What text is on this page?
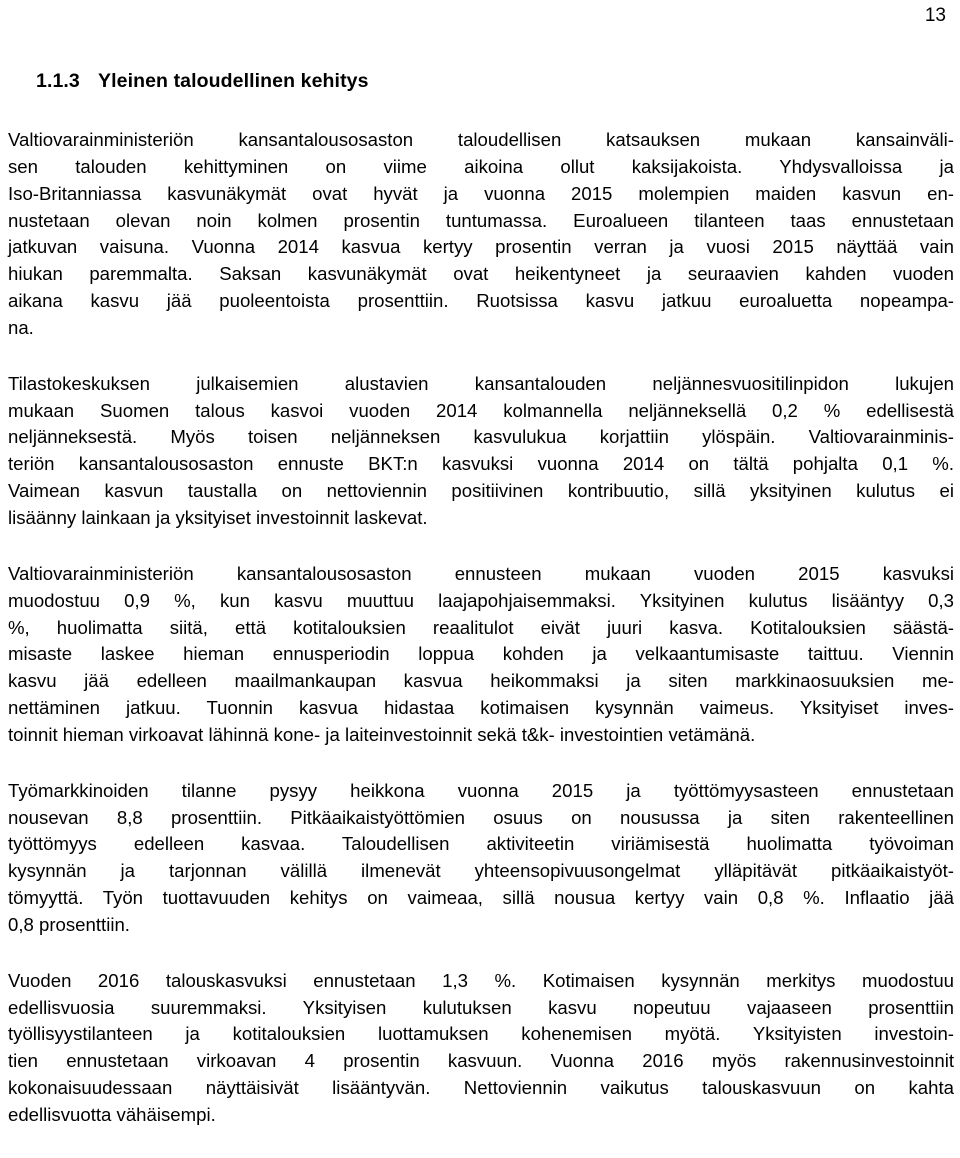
13
1.1.3 Yleinen taloudellinen kehitys
Valtiovarainministeriön kansantalousosaston taloudellisen katsauksen mukaan kansainväli-
sen talouden kehittyminen on viime aikoina ollut kaksijakoista. Yhdysvalloissa ja
Iso-Britanniassa kasvunäkymät ovat hyvät ja vuonna 2015 molempien maiden kasvun en-
nustetaan olevan noin kolmen prosentin tuntumassa. Euroalueen tilanteen taas ennustetaan
jatkuvan vaisuna. Vuonna 2014 kasvua kertyy prosentin verran ja vuosi 2015 näyttää vain
hiukan paremmalta. Saksan kasvunäkymät ovat heikentyneet ja seuraavien kahden vuoden
aikana kasvu jää puoleentoista prosenttiin. Ruotsissa kasvu jatkuu euroaluetta nopeampa-
na.
Tilastokeskuksen julkaisemien alustavien kansantalouden neljännesvuositilinpidon lukujen
mukaan Suomen talous kasvoi vuoden 2014 kolmannella neljänneksellä 0,2 % edellisestä
neljänneksestä. Myös toisen neljänneksen kasvulukua korjattiin ylöspäin. Valtiovarainminis-
teriön kansantalousosaston ennuste BKT:n kasvuksi vuonna 2014 on tältä pohjalta 0,1 %.
Vaimean kasvun taustalla on nettoviennin positiivinen kontribuutio, sillä yksityinen kulutus ei
lisäänny lainkaan ja yksityiset investoinnit laskevat.
Valtiovarainministeriön kansantalousosaston ennusteen mukaan vuoden 2015 kasvuksi
muodostuu 0,9 %, kun kasvu muuttuu laajapohjaisemmaksi. Yksityinen kulutus lisääntyy 0,3
%, huolimatta siitä, että kotitalouksien reaalitulot eivät juuri kasva. Kotitalouksien säästä-
misaste laskee hieman ennusperiodin loppua kohden ja velkaantumisaste taittuu. Viennin
kasvu jää edelleen maailmankaupan kasvua heikommaksi ja siten markkinaosuuksien me-
nettäminen jatkuu. Tuonnin kasvua hidastaa kotimaisen kysynnän vaimeus. Yksityiset inves-
toinnit hieman virkoavat lähinnä kone- ja laiteinvestoinnit sekä t&k- investointien vetämänä.
Työmarkkinoiden tilanne pysyy heikkona vuonna 2015 ja työttömyysasteen ennustetaan
nousevan 8,8 prosenttiin. Pitkäaikaistyöttömien osuus on nousussa ja siten rakenteellinen
työttömyys edelleen kasvaa. Taloudellisen aktiviteetin viriämisestä huolimatta työvoiman
kysynnän ja tarjonnan välillä ilmenevät yhteensopivuusongelmat ylläpitävät pitkäaikaistyöt-
tömyyttä. Työn tuottavuuden kehitys on vaimeaa, sillä nousua kertyy vain 0,8 %. Inflaatio jää
0,8 prosenttiin.
Vuoden 2016 talouskasvuksi ennustetaan 1,3 %. Kotimaisen kysynnän merkitys muodostuu
edellisvuosia suuremmaksi. Yksityisen kulutuksen kasvu nopeutuu vajaaseen prosenttiin
työllisyystilanteen ja kotitalouksien luottamuksen kohenemisen myötä. Yksityisten investoin-
tien ennustetaan virkoavan 4 prosentin kasvuun. Vuonna 2016 myös rakennusinvestoinnit
kokonaisuudessaan näyttäisivät lisääntyvän. Nettoviennin vaikutus talouskasvuun on kahta
edellisvuotta vähäisempi.
